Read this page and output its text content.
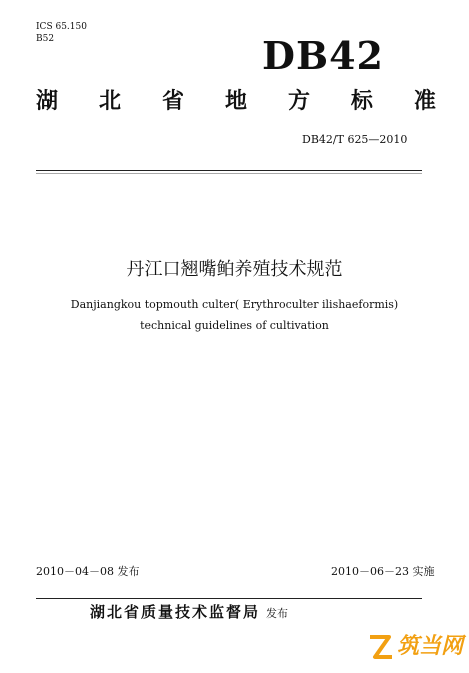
ICS 65.150
B52	DB42
湖 北 省 地 方 标 准
DB42/T 625—2010
丹江口翘嘴鲌养殖技术规范
Danjiangkou topmouth culter( Erythroculter ilishaeformis)
technical guidelines of cultivation
2010－04－08 发布	2010－06－23 实施
湖北省质量技术监督局 发布
筑当网
